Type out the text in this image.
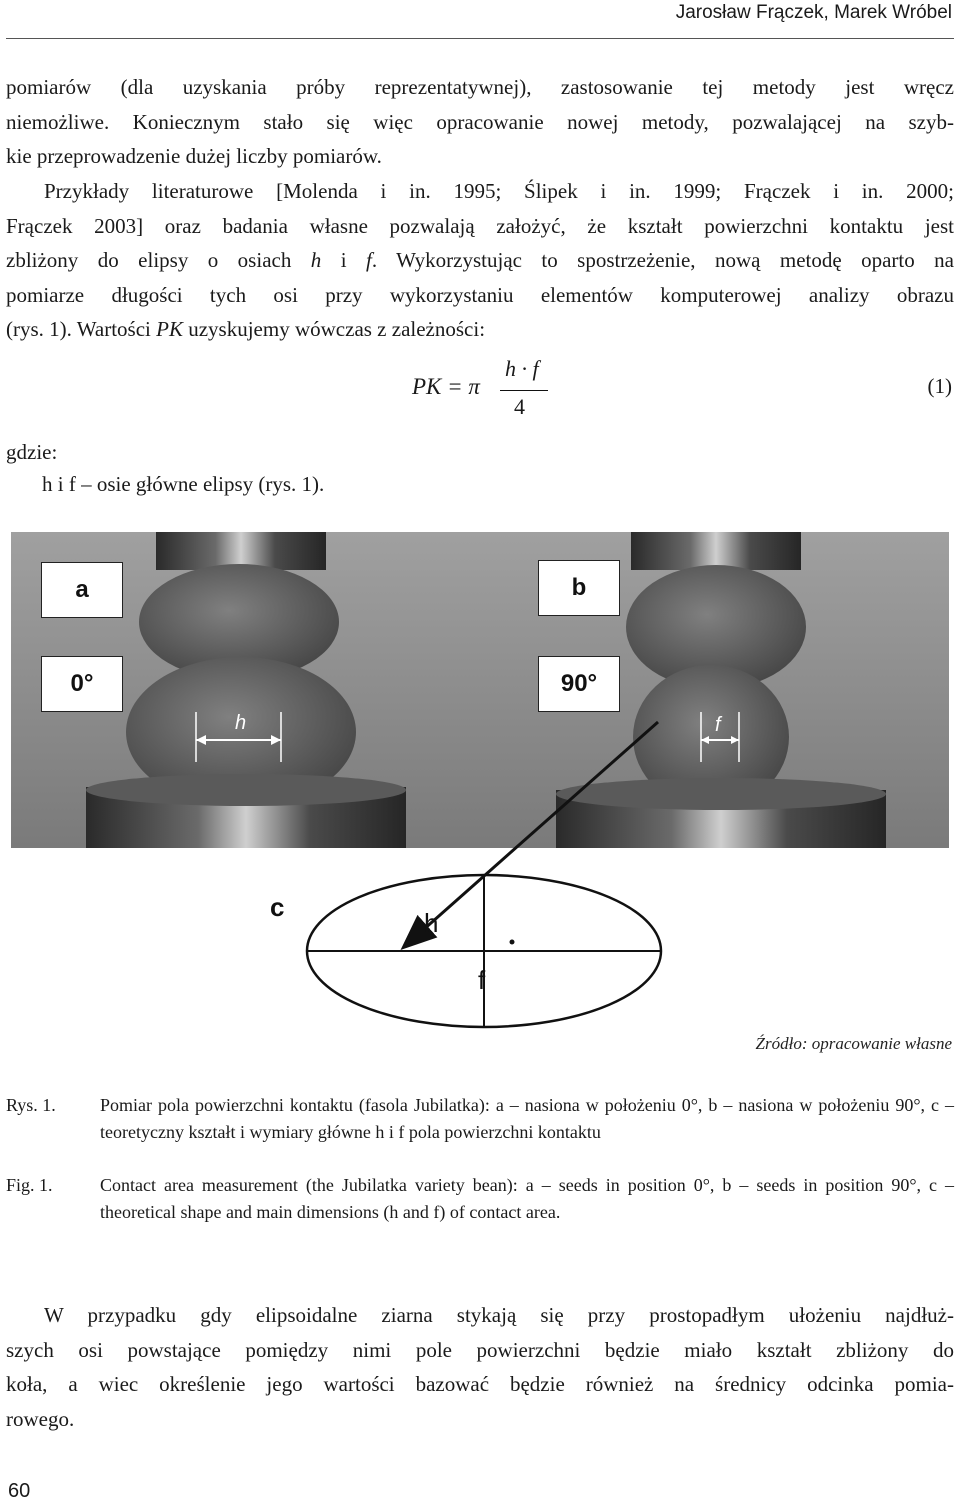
Jarosław Frączek, Marek Wróbel
pomiarów (dla uzyskania próby reprezentatywnej), zastosowanie tej metody jest wręcz
niemożliwe. Koniecznym stało się więc opracowanie nowej metody, pozwalającej na szyb-
kie przeprowadzenie dużej liczby pomiarów.
Przykłady literaturowe [Molenda i in. 1995; Ślipek i in. 1999; Frączek i in. 2000;
Frączek 2003] oraz badania własne pozwalają założyć, że kształt powierzchni kontaktu jest
zbliżony do elipsy o osiach h i f. Wykorzystując to spostrzeżenie, nową metodę oparto na
pomiarze długości tych osi przy wykorzystaniu elementów komputerowej analizy obrazu
(rys. 1). Wartości PK uzyskujemy wówczas z zależności:
PK = π
h · f
4
(1)
gdzie:
h i f – osie główne elipsy (rys. 1).
a
0°
b
90°
h	f
c
h
f
Źródło: opracowanie własne
Rys. 1. Pomiar pola powierzchni kontaktu (fasola Jubilatka): a – nasiona w położeniu 0°, b – nasiona w położeniu 90°, c – teoretyczny kształt i wymiary główne h i f pola powierzchni kontaktu
Fig. 1.	Contact area measurement (the Jubilatka variety bean): a – seeds in position 0°, b – seeds in position 90°, c – theoretical shape and main dimensions (h and f) of contact area.
W przypadku gdy elipsoidalne ziarna stykają się przy prostopadłym ułożeniu najdłuż-
szych osi powstające pomiędzy nimi pole powierzchni będzie miało kształt zbliżony do
koła, a wiec określenie jego wartości bazować będzie również na średnicy odcinka pomia-
rowego.
60
